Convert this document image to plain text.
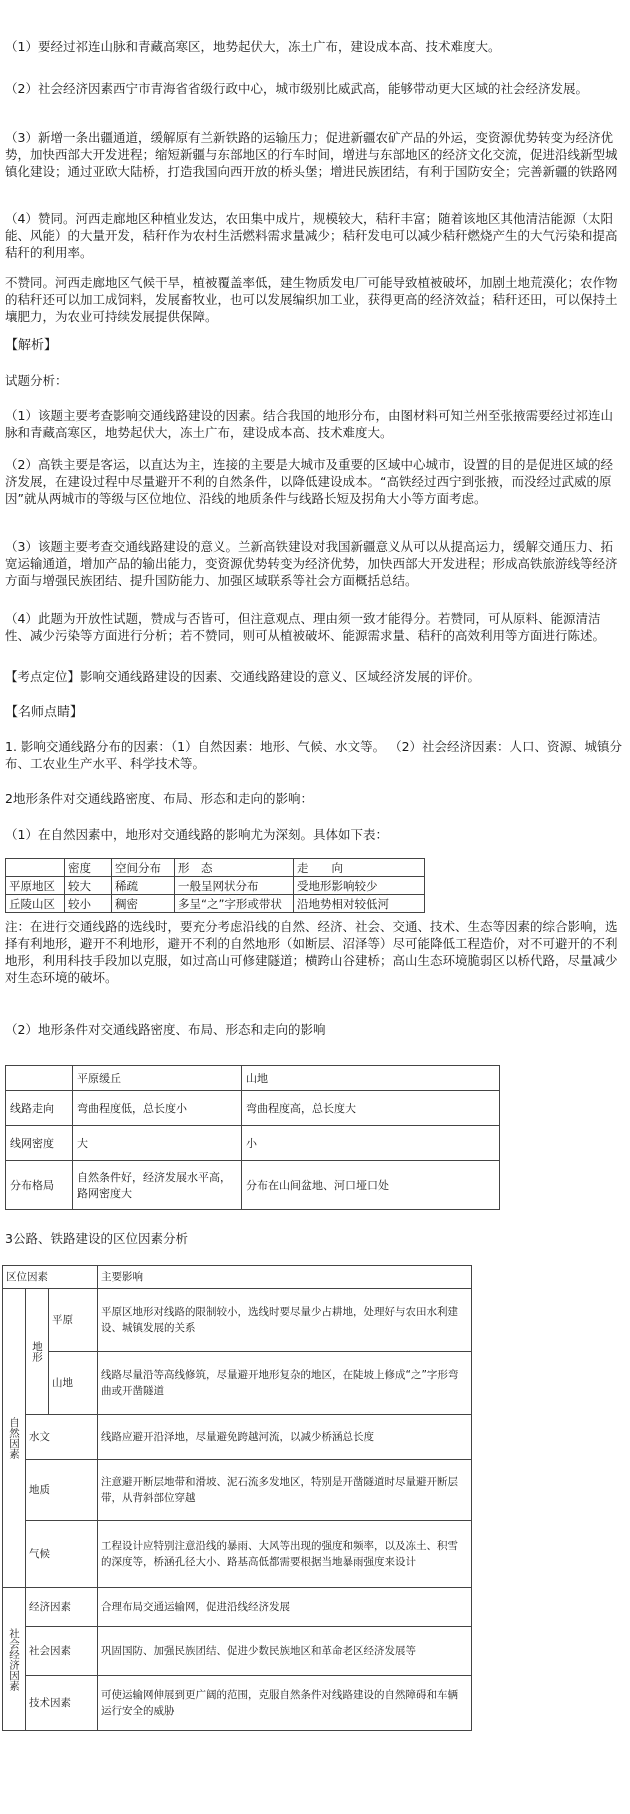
（1）要经过祁连山脉和青藏高寒区，地势起伏大，冻土广布，建设成本高、技术难度大。

（2）社会经济因素西宁市青海省省级行政中心，城市级别比威武高，能够带动更大区域的社会经济发展。

（3）新增一条出疆通道，缓解原有兰新铁路的运输压力；促进新疆农矿产品的外运，变资源优势转变为经济优势，加快西部大开发进程；缩短新疆与东部地区的行车时间，增进与东部地区的经济文化交流，促进沿线新型城镇化建设；通过亚欧大陆桥，打造我国向西开放的桥头堡；增进民族团结，有利于国防安全；完善新疆的铁路网

（4）赞同。河西走廊地区种植业发达，农田集中成片，规模较大，秸秆丰富；随着该地区其他清洁能源（太阳能、风能）的大量开发，秸秆作为农村生活燃料需求量减少；秸秆发电可以减少秸秆燃烧产生的大气污染和提高秸秆的利用率。

不赞同。河西走廊地区气候干旱，植被覆盖率低，建生物质发电厂可能导致植被破坏，加剧土地荒漠化；农作物的秸秆还可以加工成饲料，发展畜牧业，也可以发展编织加工业，获得更高的经济效益；秸秆还田，可以保持土壤肥力，为农业可持续发展提供保障。

【解析】

试题分析：

（1）该题主要考查影响交通线路建设的因素。结合我国的地形分布，由图材料可知兰州至张掖需要经过祁连山脉和青藏高寒区，地势起伏大，冻土广布，建设成本高、技术难度大。

（2）高铁主要是客运，以直达为主，连接的主要是大城市及重要的区域中心城市，设置的目的是促进区域的经济发展，在建设过程中尽量避开不利的自然条件，以降低建设成本。“高铁经过西宁到张掖，而没经过武威的原因”就从两城市的等级与区位地位、沿线的地质条件与线路长短及拐角大小等方面考虑。

（3）该题主要考查交通线路建设的意义。兰新高铁建设对我国新疆意义从可以从提高运力，缓解交通压力、拓宽运输通道，增加产品的输出能力，变资源优势转变为经济优势，加快西部大开发进程；形成高铁旅游线等经济方面与增强民族团结、提升国防能力、加强区域联系等社会方面概括总结。

（4）此题为开放性试题，赞成与否皆可，但注意观点、理由须一致才能得分。若赞同，可从原料、能源清洁性、减少污染等方面进行分析；若不赞同，则可从植被破坏、能源需求量、秸秆的高效利用等方面进行陈述。

【考点定位】影响交通线路建设的因素、交通线路建设的意义、区域经济发展的评价。

【名师点睛】

1. 影响交通线路分布的因素：（1）自然因素：地形、气候、水文等。 （2）社会经济因素：人口、资源、城镇分布、工农业生产水平、科学技术等。

2地形条件对交通线路密度、布局、形态和走向的影响：

（1）在自然因素中，地形对交通线路的影响尤为深刻。具体如下表：

	密度	空间分布	形　态	走　　向
平原地区	较大	稀疏	一般呈网状分布	受地形影响较少
丘陵山区	较小	稠密	多呈“之”字形或带状	沿地势相对较低河

注：在进行交通线路的选线时，要充分考虑沿线的自然、经济、社会、交通、技术、生态等因素的综合影响，选择有利地形，避开不利地形，避开不利的自然地形（如断层、沼泽等）尽可能降低工程造价，对不可避开的不利地形，利用科技手段加以克服，如过高山可修建隧道；横跨山谷建桥；高山生态环境脆弱区以桥代路，尽量减少对生态环境的破坏。

（2）地形条件对交通线路密度、布局、形态和走向的影响

	平原缓丘	山地
线路走向	弯曲程度低，总长度小	弯曲程度高，总长度大
线网密度	大	小
分布格局	自然条件好，经济发展水平高，路网密度大	分布在山间盆地、河口垭口处

3公路、铁路建设的区位因素分析

区位因素			主要影响
自然因素	地形	平原	平原区地形对线路的限制较小，选线时要尽量少占耕地，处理好与农田水利建设、城镇发展的关系
		山地	线路尽量沿等高线修筑，尽量避开地形复杂的地区，在陡坡上修成“之”字形弯曲或开凿隧道
	水文		线路应避开沿泽地，尽量避免跨越河流，以减少桥涵总长度
	地质		注意避开断层地带和滑坡、泥石流多发地区，特别是开凿隧道时尽量避开断层带，从背斜部位穿越
	气候		工程设计应特别注意沿线的暴雨、大风等出现的强度和频率，以及冻土、积雪的深度等，桥涵孔径大小、路基高低都需要根据当地暴雨强度来设计
社会经济因素	经济因素		合理布局交通运输网，促进沿线经济发展
	社会因素		巩固国防、加强民族团结、促进少数民族地区和革命老区经济发展等
	技术因素		可使运输网伸展到更广阔的范围，克服自然条件对线路建设的自然障碍和车辆运行安全的威胁
